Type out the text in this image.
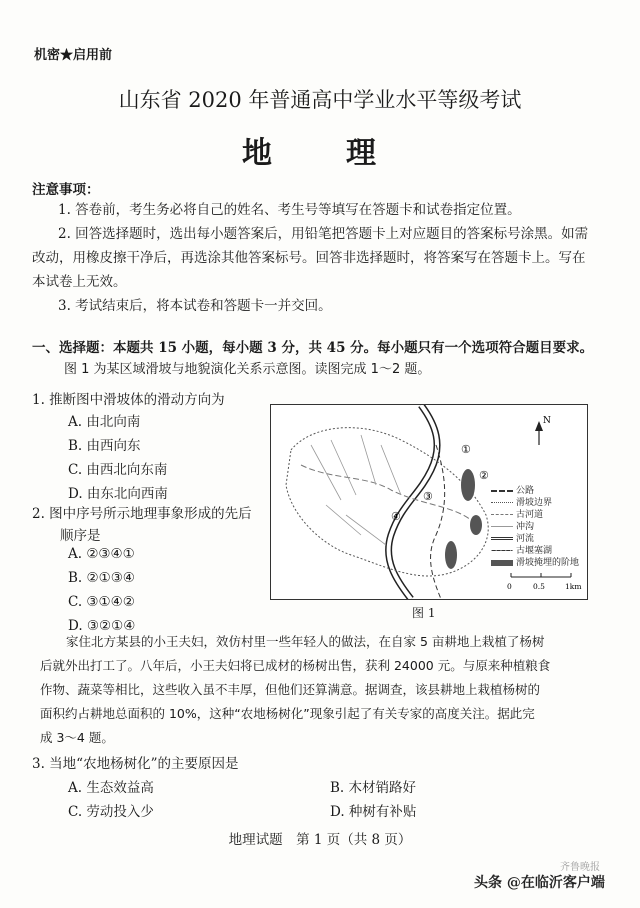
机密★启用前
山东省 2020 年普通高中学业水平等级考试
地　理
注意事项：
1. 答卷前，考生务必将自己的姓名、考生号等填写在答题卡和试卷指定位置。
2. 回答选择题时，选出每小题答案后，用铅笔把答题卡上对应题目的答案标号涂黑。如需
改动，用橡皮擦干净后，再选涂其他答案标号。回答非选择题时，将答案写在答题卡上。写在
本试卷上无效。
3. 考试结束后，将本试卷和答题卡一并交回。
一、选择题：本题共 15 小题，每小题 3 分，共 45 分。每小题只有一个选项符合题目要求。
图 1 为某区域滑坡与地貌演化关系示意图。读图完成 1～2 题。
1. 推断图中滑坡体的滑动方向为
A. 由北向南
B. 由西向东
C. 由西北向东南
D. 由东北向西南
2. 图中序号所示地理事象形成的先后
顺序是
A. ②③④①
B. ②①③④
C. ③①④②
D. ③②①④
①
②
③
④
N
0	0.5	1km
公路
滑坡边界
古河道
冲沟
河流
古堰塞湖
滑坡掩埋的阶地
图 1
家住北方某县的小王夫妇，效仿村里一些年轻人的做法，在自家 5 亩耕地上栽植了杨树
后就外出打工了。八年后，小王夫妇将已成材的杨树出售，获利 24000 元。与原来种植粮食
作物、蔬菜等相比，这些收入虽不丰厚，但他们还算满意。据调查，该县耕地上栽植杨树的
面积约占耕地总面积的 10%，这种“农地杨树化”现象引起了有关专家的高度关注。据此完
成 3～4 题。
3. 当地“农地杨树化”的主要原因是
A. 生态效益高	B. 木材销路好
C. 劳动投入少	D. 种树有补贴
地理试题　第 1 页（共 8 页）
齐鲁晚报
头条 @在临沂客户端
